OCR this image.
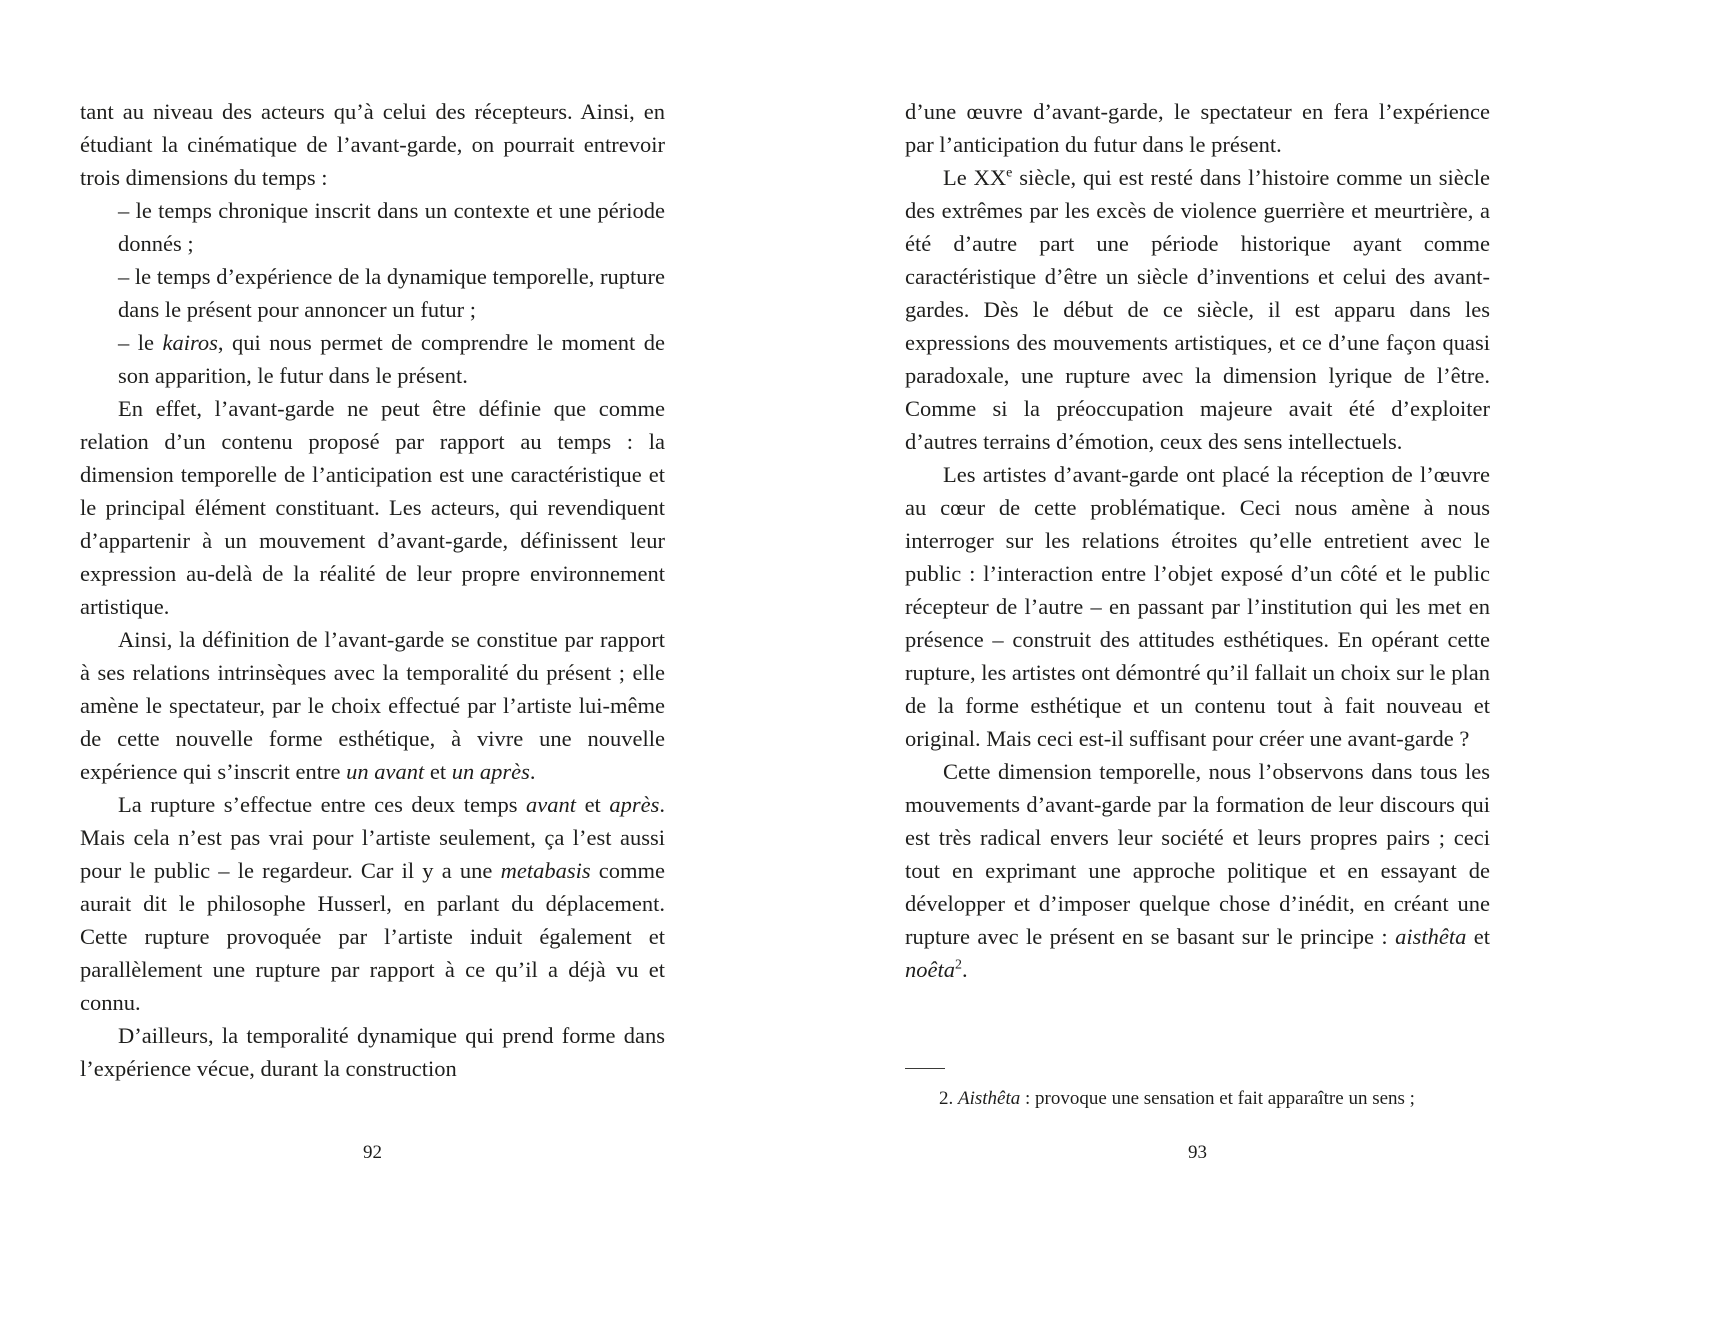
tant au niveau des acteurs qu’à celui des récepteurs. Ainsi, en étudiant la cinématique de l’avant-garde, on pourrait entrevoir trois dimensions du temps :

– le temps chronique inscrit dans un contexte et une période donnés ;

– le temps d’expérience de la dynamique temporelle, rupture dans le présent pour annoncer un futur ;

– le kairos, qui nous permet de comprendre le moment de son apparition, le futur dans le présent.

En effet, l’avant-garde ne peut être définie que comme relation d’un contenu proposé par rapport au temps : la dimension temporelle de l’anticipation est une caractéristique et le principal élément constituant. Les acteurs, qui revendiquent d’appartenir à un mouvement d’avant-garde, définissent leur expression au-delà de la réalité de leur propre environnement artistique.

Ainsi, la définition de l’avant-garde se constitue par rapport à ses relations intrinsèques avec la temporalité du présent ; elle amène le spectateur, par le choix effectué par l’artiste lui-même de cette nouvelle forme esthétique, à vivre une nouvelle expérience qui s’inscrit entre un avant et un après.

La rupture s’effectue entre ces deux temps avant et après. Mais cela n’est pas vrai pour l’artiste seulement, ça l’est aussi pour le public – le regardeur. Car il y a une metabasis comme aurait dit le philosophe Husserl, en parlant du déplacement. Cette rupture provoquée par l’artiste induit également et parallèlement une rupture par rapport à ce qu’il a déjà vu et connu.

D’ailleurs, la temporalité dynamique qui prend forme dans l’expérience vécue, durant la construction

92

d’une œuvre d’avant-garde, le spectateur en fera l’expérience par l’anticipation du futur dans le présent.

Le XXe siècle, qui est resté dans l’histoire comme un siècle des extrêmes par les excès de violence guerrière et meurtrière, a été d’autre part une période historique ayant comme caractéristique d’être un siècle d’inventions et celui des avant-gardes. Dès le début de ce siècle, il est apparu dans les expressions des mouvements artistiques, et ce d’une façon quasi paradoxale, une rupture avec la dimension lyrique de l’être. Comme si la préoccupation majeure avait été d’exploiter d’autres terrains d’émotion, ceux des sens intellectuels.

Les artistes d’avant-garde ont placé la réception de l’œuvre au cœur de cette problématique. Ceci nous amène à nous interroger sur les relations étroites qu’elle entretient avec le public : l’interaction entre l’objet exposé d’un côté et le public récepteur de l’autre – en passant par l’institution qui les met en présence – construit des attitudes esthétiques. En opérant cette rupture, les artistes ont démontré qu’il fallait un choix sur le plan de la forme esthétique et un contenu tout à fait nouveau et original. Mais ceci est-il suffisant pour créer une avant-garde ?

Cette dimension temporelle, nous l’observons dans tous les mouvements d’avant-garde par la formation de leur discours qui est très radical envers leur société et leurs propres pairs ; ceci tout en exprimant une approche politique et en essayant de développer et d’imposer quelque chose d’inédit, en créant une rupture avec le présent en se basant sur le principe : aisthêta et noêta$^2$.

2. Aisthêta : provoque une sensation et fait apparaître un sens ;

93
